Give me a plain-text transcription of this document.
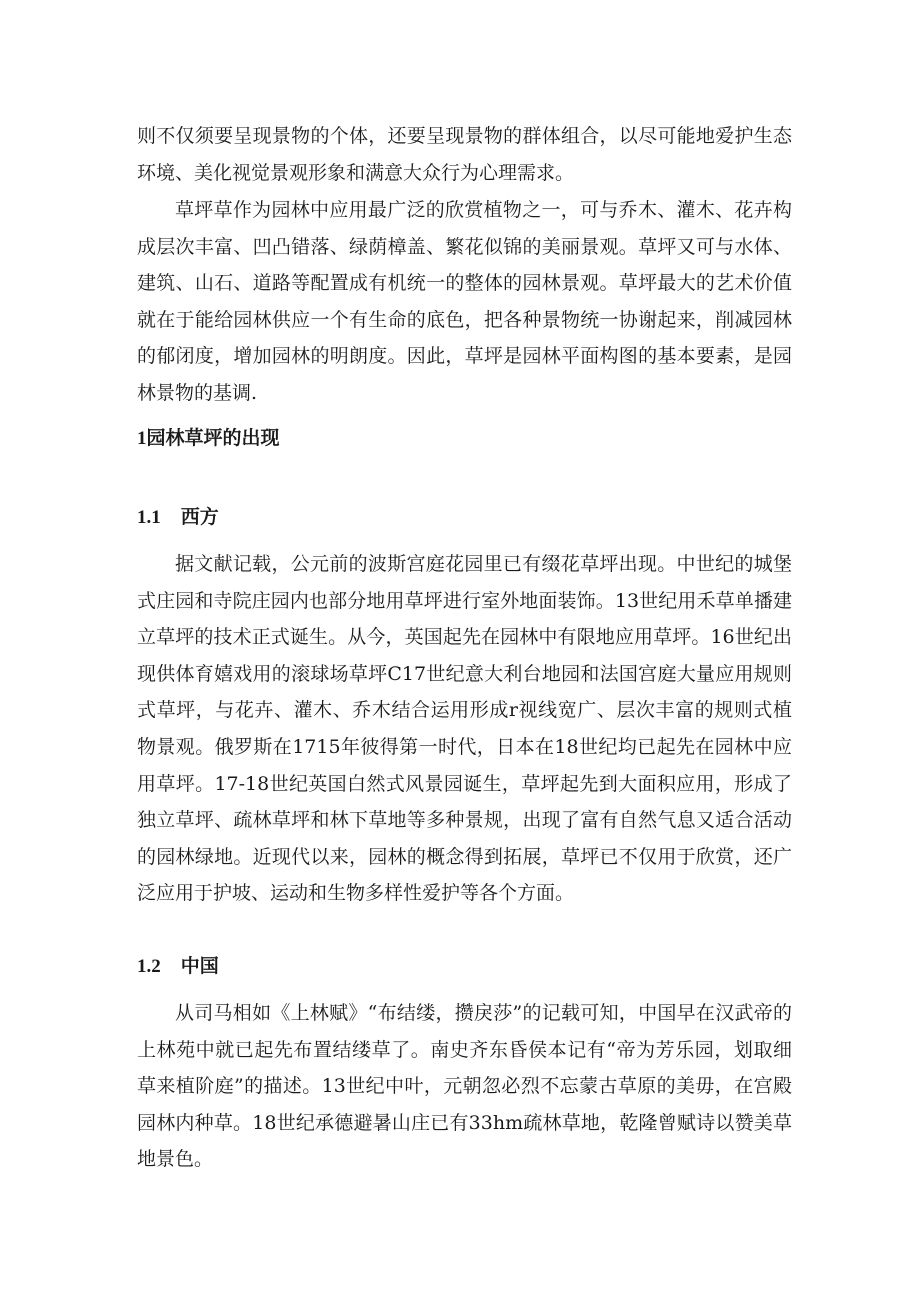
则不仅须要呈现景物的个体，还要呈现景物的群体组合，以尽可能地爱护生态环境、美化视觉景观形象和满意大众行为心理需求。

草坪草作为园林中应用最广泛的欣赏植物之一，可与乔木、灌木、花卉构成层次丰富、凹凸错落、绿荫樟盖、繁花似锦的美丽景观。草坪又可与水体、建筑、山石、道路等配置成有机统一的整体的园林景观。草坪最大的艺术价值就在于能给园林供应一个有生命的底色，把各种景物统一协谢起来，削减园林的郁闭度，增加园林的明朗度。因此，草坪是园林平面构图的基本要素，是园林景物的基调.

1园林草坪的出现
1.1 西方

据文献记载，公元前的波斯宫庭花园里已有缀花草坪出现。中世纪的城堡式庄园和寺院庄园内也部分地用草坪进行室外地面装饰。13世纪用禾草单播建立草坪的技术正式诞生。从今，英国起先在园林中有限地应用草坪。16世纪出现供体育嬉戏用的滚球场草坪C17世纪意大利台地园和法国宫庭大量应用规则式草坪，与花卉、灌木、乔木结合运用形成r视线宽广、层次丰富的规则式植物景观。俄罗斯在1715年彼得第一时代，日本在18世纪均已起先在园林中应用草坪。17-18世纪英国白然式风景园诞生，草坪起先到大面积应用，形成了独立草坪、疏林草坪和林下草地等多种景规，出现了富有自然气息又适合活动的园林绿地。近现代以来，园林的概念得到拓展，草坪已不仅用于欣赏，还广泛应用于护坡、运动和生物多样性爱护等各个方面。

1.2 中国

从司马相如《上林赋》“布结缕，攒戾莎”的记载可知，中国早在汉武帝的上林苑中就已起先布置结缕草了。南史齐东昏侯本记有“帝为芳乐园，划取细草来植阶庭”的描述。13世纪中叶，元朝忽必烈不忘蒙古草原的美毋，在宫殿园林内种草。18世纪承德避暑山庄已有33hm疏林草地，乾隆曾赋诗以赞美草地景色。
